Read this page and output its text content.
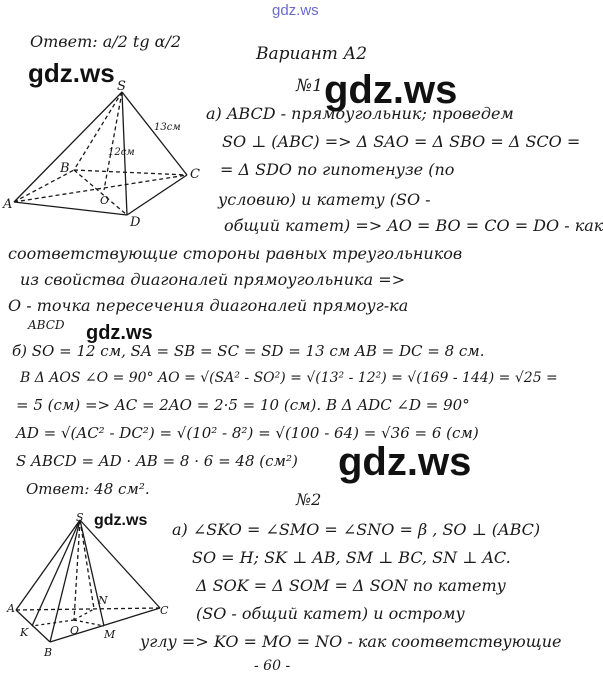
gdz.ws
gdz.ws	gdz.ws
gdz.ws
gdz.ws
gdz.ws
Ответ: a/2 tg α/2
Вариант А2
№1
S
A
B	C
D
O
12см
13см
а) ABCD - прямоугольник; проведем
SO ⊥ (ABC) => Δ SAO = Δ SBO = Δ SCO =
= Δ SDO по гипотенузе (по
условию) и катету (SO -
общий катет) => AO = BO = CO = DO - как
соответствующие стороны равных треугольников
из свойства диагоналей прямоугольника =>
O - точка пересечения диагоналей прямоуг-ка
ABCD
б) SO = 12 см, SA = SB = SC = SD = 13 см AB = DC = 8 см.
В Δ AOS ∠O = 90° AO = √(SA² - SO²) = √(13² - 12²) = √(169 - 144) = √25 =
= 5 (см) => AC = 2AO = 2·5 = 10 (см). В Δ ADC ∠D = 90°
AD = √(AC² - DC²) = √(10² - 8²) = √(100 - 64) = √36 = 6 (см)
S ABCD = AD · AB = 8 · 6 = 48 (см²)
Ответ: 48 см².
№2
S
A
B
C
K	M
N
O
а) ∠SKO = ∠SMO = ∠SNO = β , SO ⊥ (ABC)
SO = H; SK ⊥ AB, SM ⊥ BC, SN ⊥ AC.
Δ SOK = Δ SOM = Δ SON по катету
(SO - общий катет) и острому
углу => KO = MO = NO - как соответствующие
- 60 -
